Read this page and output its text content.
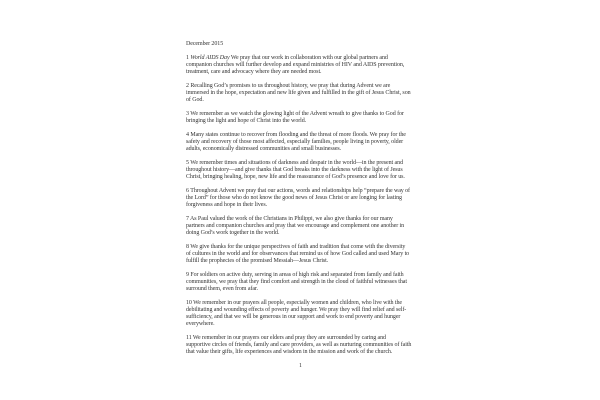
December 2015

1 World AIDS Day We pray that our work in collaboration with our global partners and
companion churches will further develop and expand ministries of HIV and AIDS prevention,
treatment, care and advocacy where they are needed most.

2 Recalling God’s promises to us throughout history, we pray that during Advent we are
immersed in the hope, expectation and new life given and fulfilled in the gift of Jesus Christ, son
of God.

3 We remember as we watch the glowing light of the Advent wreath to give thanks to God for
bringing the light and hope of Christ into the world.

4 Many states continue to recover from flooding and the threat of more floods. We pray for the
safety and recovery of those most affected, especially families, people living in poverty, older
adults, economically distressed communities and small businesses.

5 We remember times and situations of darkness and despair in the world—in the present and
throughout history—and give thanks that God breaks into the darkness with the light of Jesus
Christ, bringing healing, hope, new life and the reassurance of God’s presence and love for us.

6 Throughout Advent we pray that our actions, words and relationships help “prepare the way of
the Lord” for those who do not know the good news of Jesus Christ or are longing for lasting
forgiveness and hope in their lives.

7 As Paul valued the work of the Christians in Philippi, we also give thanks for our many
partners and companion churches and pray that we encourage and complement one another in
doing God’s work together in the world.

8 We give thanks for the unique perspectives of faith and tradition that come with the diversity
of cultures in the world and for observances that remind us of how God called and used Mary to
fulfill the prophecies of the promised Messiah—Jesus Christ.

9 For soldiers on active duty, serving in areas of high risk and separated from family and faith
communities, we pray that they find comfort and strength in the cloud of faithful witnesses that
surround them, even from afar.

10 We remember in our prayers all people, especially women and children, who live with the
debilitating and wounding effects of poverty and hunger. We pray they will find relief and self-
sufficiency, and that we will be generous in our support and work to end poverty and hunger
everywhere.

11 We remember in our prayers our elders and pray they are surrounded by caring and
supportive circles of friends, family and care providers, as well as nurturing communities of faith
that value their gifts, life experiences and wisdom in the mission and work of the church.

1
